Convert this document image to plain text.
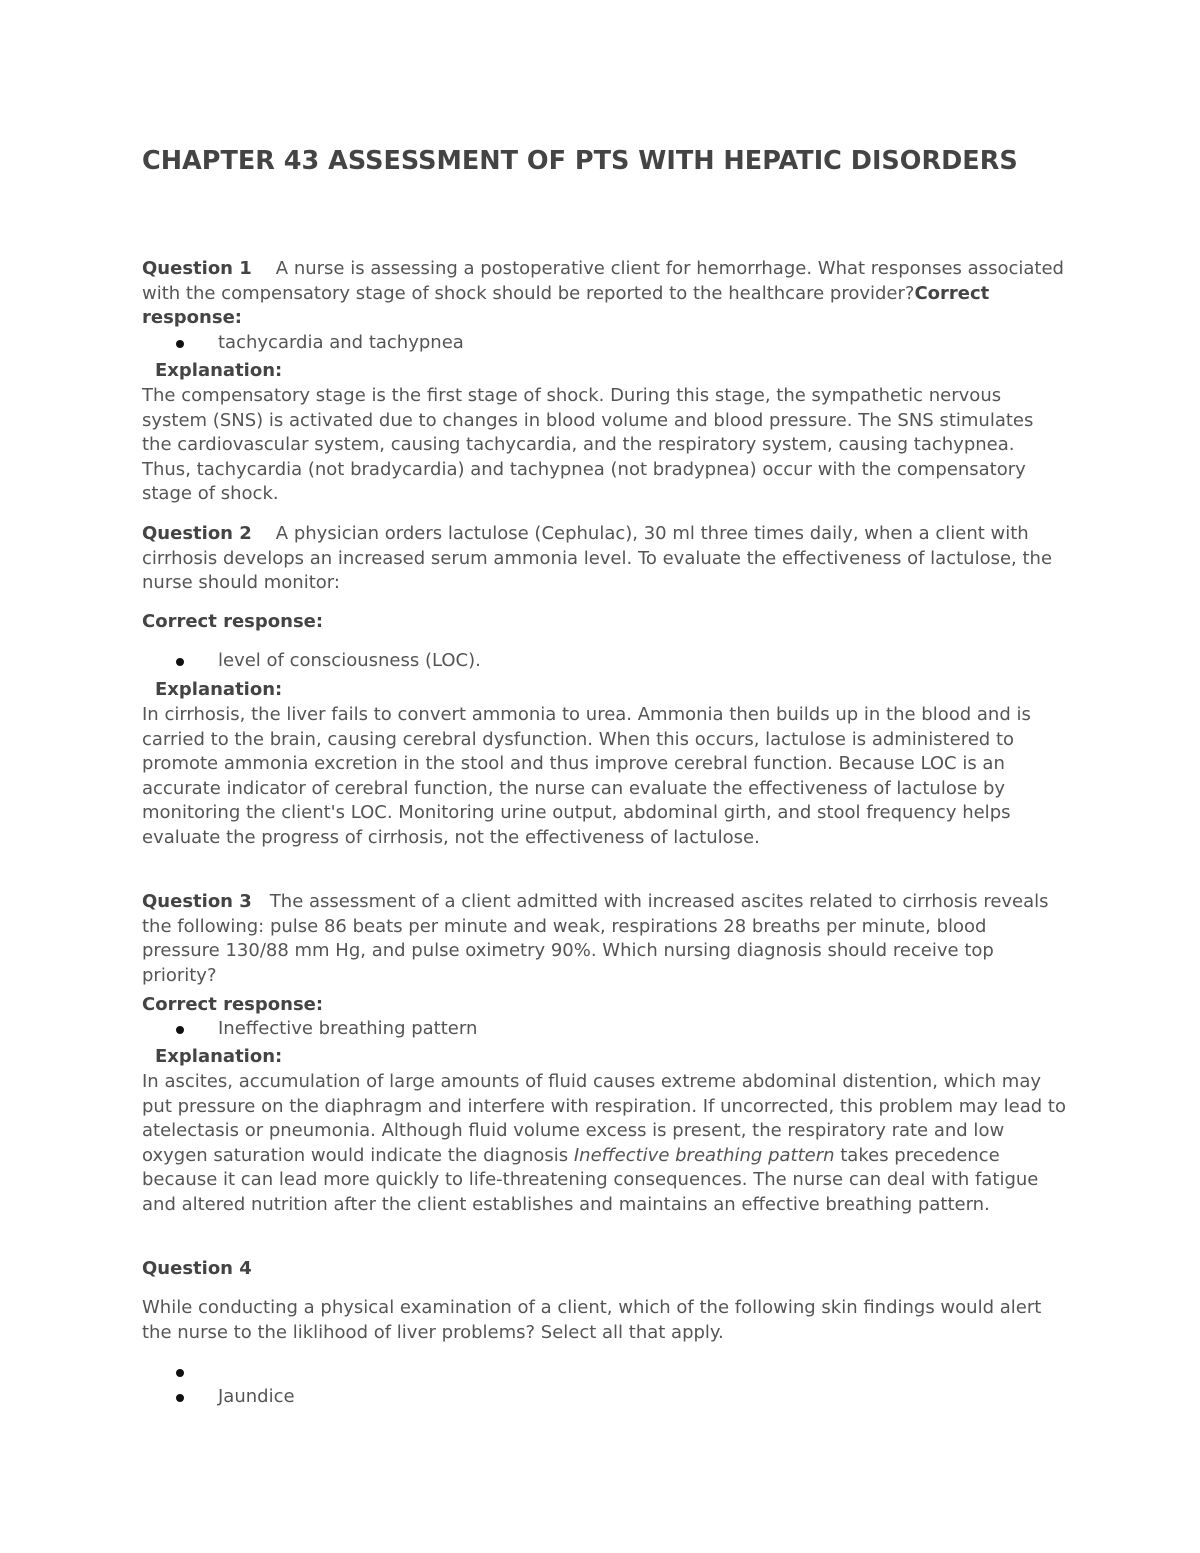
CHAPTER 43 ASSESSMENT OF PTS WITH HEPATIC DISORDERS

Question 1 A nurse is assessing a postoperative client for hemorrhage. What responses associated with the compensatory stage of shock should be reported to the healthcare provider?Correct response:

tachycardia and tachypnea

Explanation:

The compensatory stage is the first stage of shock. During this stage, the sympathetic nervous system (SNS) is activated due to changes in blood volume and blood pressure. The SNS stimulates the cardiovascular system, causing tachycardia, and the respiratory system, causing tachypnea. Thus, tachycardia (not bradycardia) and tachypnea (not bradypnea) occur with the compensatory stage of shock.

Question 2 A physician orders lactulose (Cephulac), 30 ml three times daily, when a client with cirrhosis develops an increased serum ammonia level. To evaluate the effectiveness of lactulose, the nurse should monitor:

Correct response:

level of consciousness (LOC).

Explanation:

In cirrhosis, the liver fails to convert ammonia to urea. Ammonia then builds up in the blood and is carried to the brain, causing cerebral dysfunction. When this occurs, lactulose is administered to promote ammonia excretion in the stool and thus improve cerebral function. Because LOC is an accurate indicator of cerebral function, the nurse can evaluate the effectiveness of lactulose by monitoring the client's LOC. Monitoring urine output, abdominal girth, and stool frequency helps evaluate the progress of cirrhosis, not the effectiveness of lactulose.

Question 3 The assessment of a client admitted with increased ascites related to cirrhosis reveals the following: pulse 86 beats per minute and weak, respirations 28 breaths per minute, blood pressure 130/88 mm Hg, and pulse oximetry 90%. Which nursing diagnosis should receive top priority?

Correct response:

Ineffective breathing pattern

Explanation:

In ascites, accumulation of large amounts of fluid causes extreme abdominal distention, which may put pressure on the diaphragm and interfere with respiration. If uncorrected, this problem may lead to atelectasis or pneumonia. Although fluid volume excess is present, the respiratory rate and low oxygen saturation would indicate the diagnosis Ineffective breathing pattern takes precedence because it can lead more quickly to life-threatening consequences. The nurse can deal with fatigue and altered nutrition after the client establishes and maintains an effective breathing pattern.

Question 4

While conducting a physical examination of a client, which of the following skin findings would alert the nurse to the liklihood of liver problems? Select all that apply.

Jaundice
